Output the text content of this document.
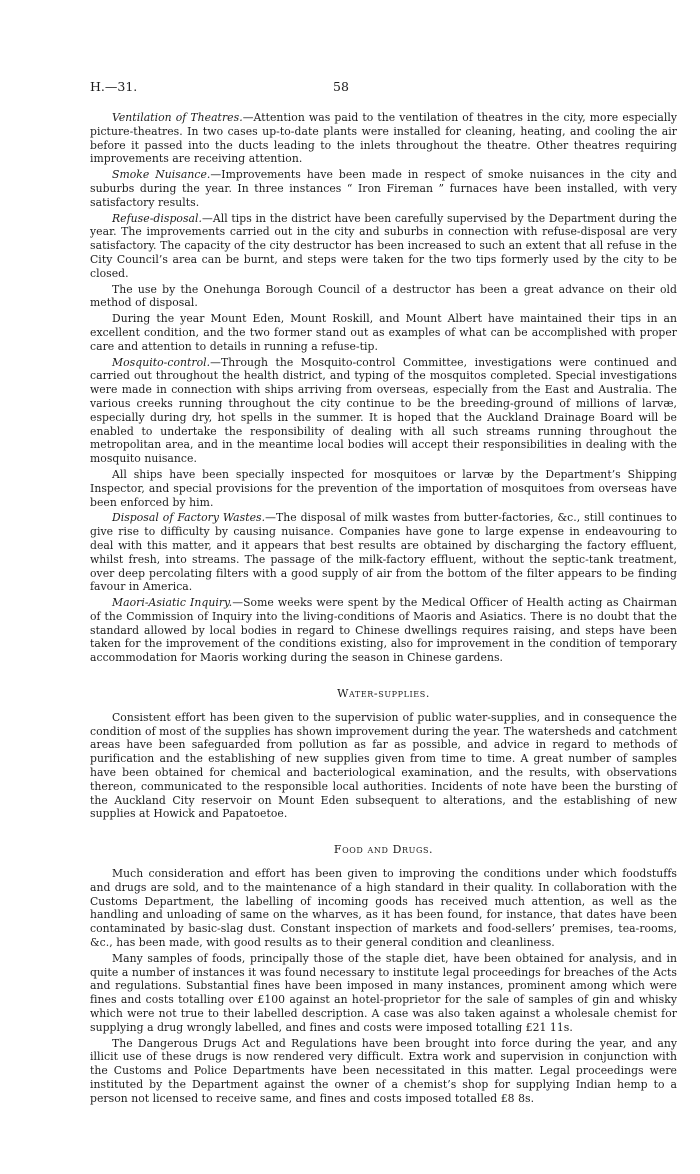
H.—31.	58

Ventilation of Theatres.—Attention was paid to the ventilation of theatres in the city, more especially picture-theatres. In two cases up-to-date plants were installed for cleaning, heating, and cooling the air before it passed into the ducts leading to the inlets throughout the theatre. Other theatres requiring improvements are receiving attention.

Smoke Nuisance.—Improvements have been made in respect of smoke nuisances in the city and suburbs during the year. In three instances “ Iron Fireman ” furnaces have been installed, with very satisfactory results.

Refuse-disposal.—All tips in the district have been carefully supervised by the Department during the year. The improvements carried out in the city and suburbs in connection with refuse-disposal are very satisfactory. The capacity of the city destructor has been increased to such an extent that all refuse in the City Council’s area can be burnt, and steps were taken for the two tips formerly used by the city to be closed.

The use by the Onehunga Borough Council of a destructor has been a great advance on their old method of disposal.

During the year Mount Eden, Mount Roskill, and Mount Albert have maintained their tips in an excellent condition, and the two former stand out as examples of what can be accomplished with proper care and attention to details in running a refuse-tip.

Mosquito-control.—Through the Mosquito-control Committee, investigations were continued and carried out throughout the health district, and typing of the mosquitos completed. Special investigations were made in connection with ships arriving from overseas, especially from the East and Australia. The various creeks running throughout the city continue to be the breeding-ground of millions of larvæ, especially during dry, hot spells in the summer. It is hoped that the Auckland Drainage Board will be enabled to undertake the responsibility of dealing with all such streams running throughout the metropolitan area, and in the meantime local bodies will accept their responsibilities in dealing with the mosquito nuisance.

All ships have been specially inspected for mosquitoes or larvæ by the Department’s Shipping Inspector, and special provisions for the prevention of the importation of mosquitoes from overseas have been enforced by him.

Disposal of Factory Wastes.—The disposal of milk wastes from butter-factories, &c., still continues to give rise to difficulty by causing nuisance. Companies have gone to large expense in endeavouring to deal with this matter, and it appears that best results are obtained by discharging the factory effluent, whilst fresh, into streams. The passage of the milk-factory effluent, without the septic-tank treatment, over deep percolating filters with a good supply of air from the bottom of the filter appears to be finding favour in America.

Maori-Asiatic Inquiry.—Some weeks were spent by the Medical Officer of Health acting as Chairman of the Commission of Inquiry into the living-conditions of Maoris and Asiatics. There is no doubt that the standard allowed by local bodies in regard to Chinese dwellings requires raising, and steps have been taken for the improvement of the conditions existing, also for improvement in the condition of temporary accommodation for Maoris working during the season in Chinese gardens.

Water-supplies.

Consistent effort has been given to the supervision of public water-supplies, and in consequence the condition of most of the supplies has shown improvement during the year. The watersheds and catchment areas have been safeguarded from pollution as far as possible, and advice in regard to methods of purification and the establishing of new supplies given from time to time. A great number of samples have been obtained for chemical and bacteriological examination, and the results, with observations thereon, communicated to the responsible local authorities. Incidents of note have been the bursting of the Auckland City reservoir on Mount Eden subsequent to alterations, and the establishing of new supplies at Howick and Papatoetoe.

Food and Drugs.

Much consideration and effort has been given to improving the conditions under which foodstuffs and drugs are sold, and to the maintenance of a high standard in their quality. In collaboration with the Customs Department, the labelling of incoming goods has received much attention, as well as the handling and unloading of same on the wharves, as it has been found, for instance, that dates have been contaminated by basic-slag dust. Constant inspection of markets and food-sellers’ premises, tea-rooms, &c., has been made, with good results as to their general condition and cleanliness.

Many samples of foods, principally those of the staple diet, have been obtained for analysis, and in quite a number of instances it was found necessary to institute legal proceedings for breaches of the Acts and regulations. Substantial fines have been imposed in many instances, prominent among which were fines and costs totalling over £100 against an hotel-proprietor for the sale of samples of gin and whisky which were not true to their labelled description. A case was also taken against a wholesale chemist for supplying a drug wrongly labelled, and fines and costs were imposed totalling £21 11s.

The Dangerous Drugs Act and Regulations have been brought into force during the year, and any illicit use of these drugs is now rendered very difficult. Extra work and supervision in conjunction with the Customs and Police Departments have been necessitated in this matter. Legal proceedings were instituted by the Department against the owner of a chemist’s shop for supplying Indian hemp to a person not licensed to receive same, and fines and costs imposed totalled £8 8s.
